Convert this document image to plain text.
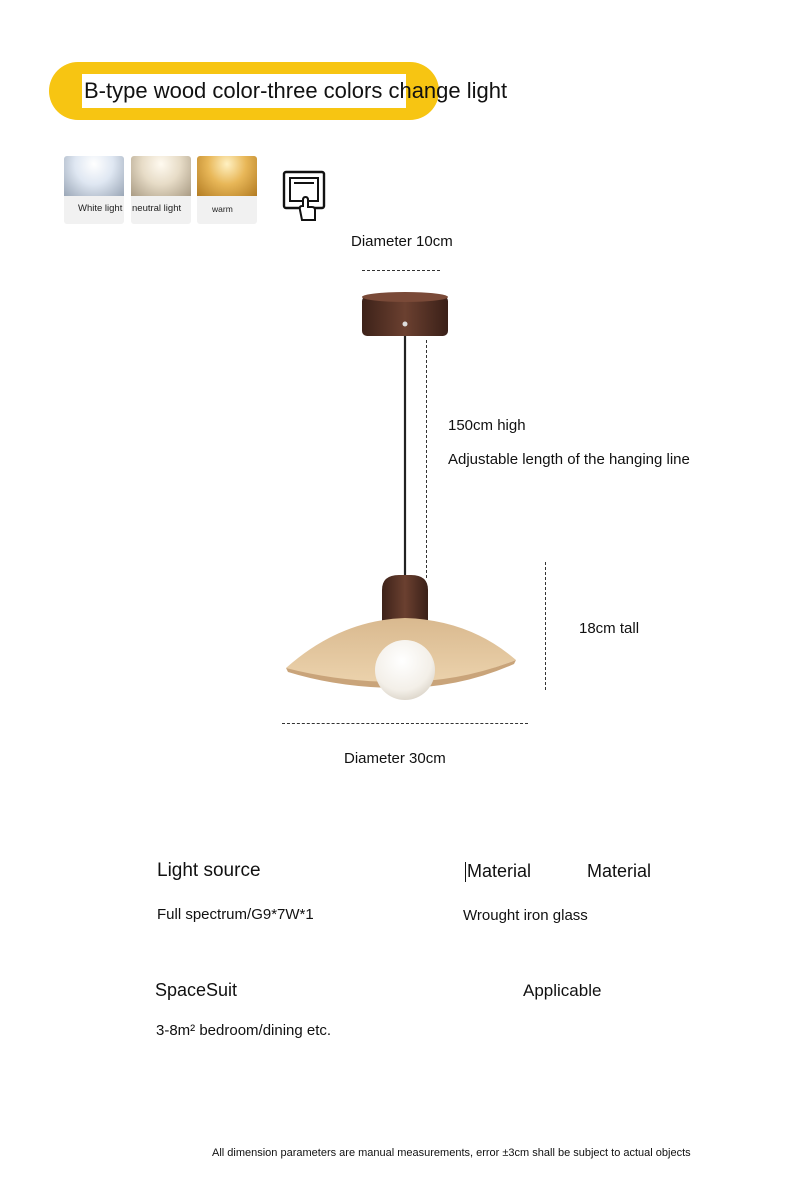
B-type wood color-three colors change light
White light neutral light	warm
Diameter 10cm
150cm high
Adjustable length of the hanging line
18cm tall
Diameter 30cm
Light source
Full spectrum/G9*7W*1
Material	Material
Wrought iron glass
SpaceSuit
3-8m² bedroom/dining etc.
Applicable
All dimension parameters are manual measurements, error ±3cm shall be subject to actual objects
